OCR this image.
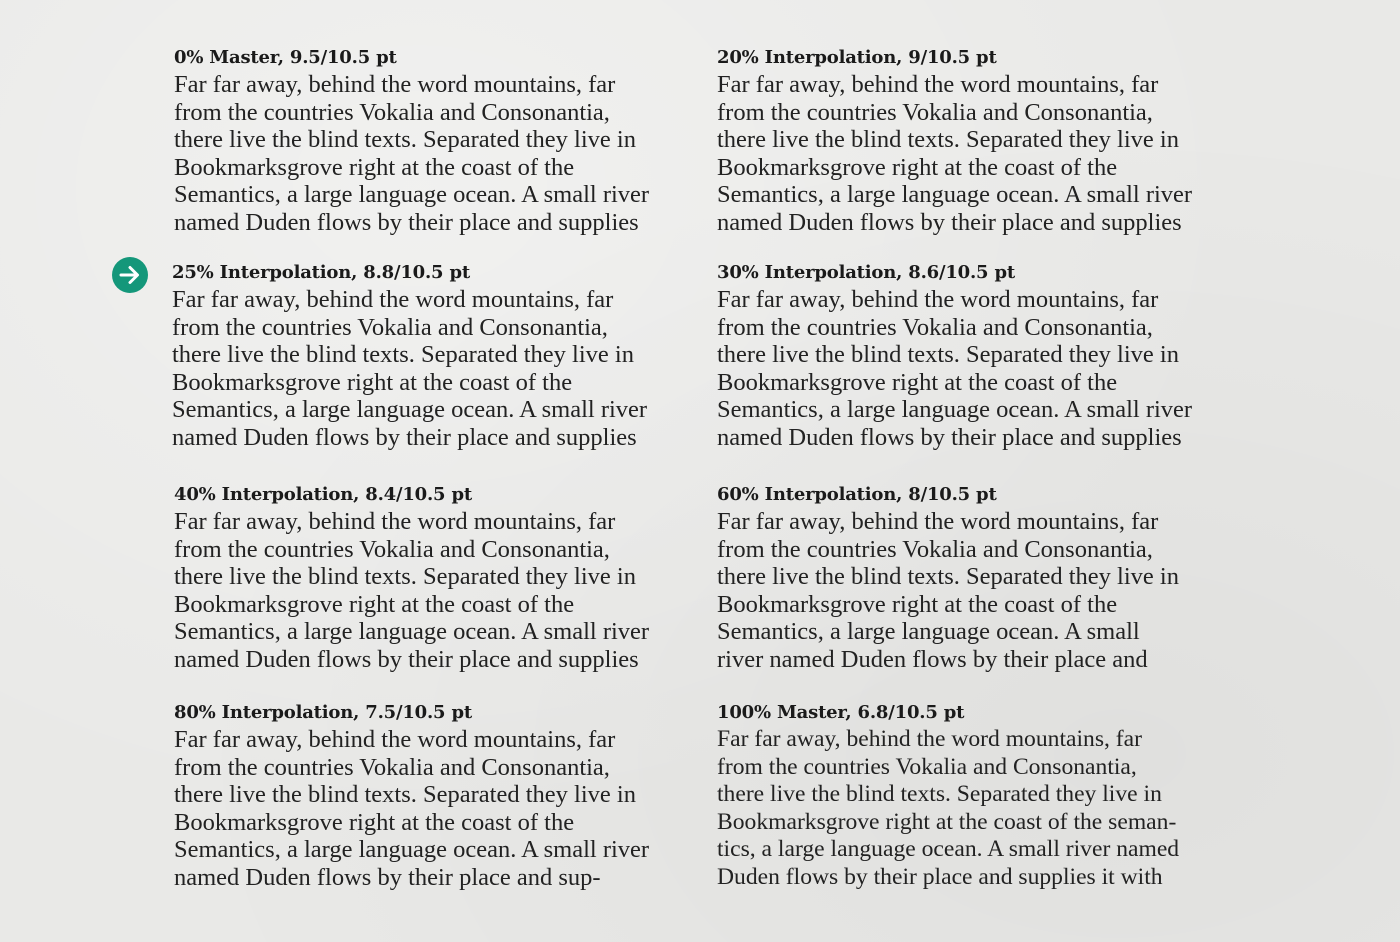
0% Master, 9.5/10.5 pt
Far far away, behind the word mountains, far
from the countries Vokalia and Consonantia,
there live the blind texts. Separated they live in
Bookmarksgrove right at the coast of the
Semantics, a large language ocean. A small river
named Duden flows by their place and supplies
20% Interpolation, 9/10.5 pt
Far far away, behind the word mountains, far
from the countries Vokalia and Consonantia,
there live the blind texts. Separated they live in
Bookmarksgrove right at the coast of the
Semantics, a large language ocean. A small river
named Duden flows by their place and supplies
25% Interpolation, 8.8/10.5 pt
Far far away, behind the word mountains, far
from the countries Vokalia and Consonantia,
there live the blind texts. Separated they live in
Bookmarksgrove right at the coast of the
Semantics, a large language ocean. A small river
named Duden flows by their place and supplies
30% Interpolation, 8.6/10.5 pt
Far far away, behind the word mountains, far
from the countries Vokalia and Consonantia,
there live the blind texts. Separated they live in
Bookmarksgrove right at the coast of the
Semantics, a large language ocean. A small river
named Duden flows by their place and supplies
40% Interpolation, 8.4/10.5 pt
Far far away, behind the word mountains, far
from the countries Vokalia and Consonantia,
there live the blind texts. Separated they live in
Bookmarksgrove right at the coast of the
Semantics, a large language ocean. A small river
named Duden flows by their place and supplies
60% Interpolation, 8/10.5 pt
Far far away, behind the word mountains, far
from the countries Vokalia and Consonantia,
there live the blind texts. Separated they live in
Bookmarksgrove right at the coast of the
Semantics, a large language ocean. A small
river named Duden flows by their place and
80% Interpolation, 7.5/10.5 pt
Far far away, behind the word mountains, far
from the countries Vokalia and Consonantia,
there live the blind texts. Separated they live in
Bookmarksgrove right at the coast of the
Semantics, a large language ocean. A small river
named Duden flows by their place and sup-
100% Master, 6.8/10.5 pt
Far far away, behind the word mountains, far
from the countries Vokalia and Consonantia,
there live the blind texts. Separated they live in
Bookmarksgrove right at the coast of the seman-
tics, a large language ocean. A small river named
Duden flows by their place and supplies it with
